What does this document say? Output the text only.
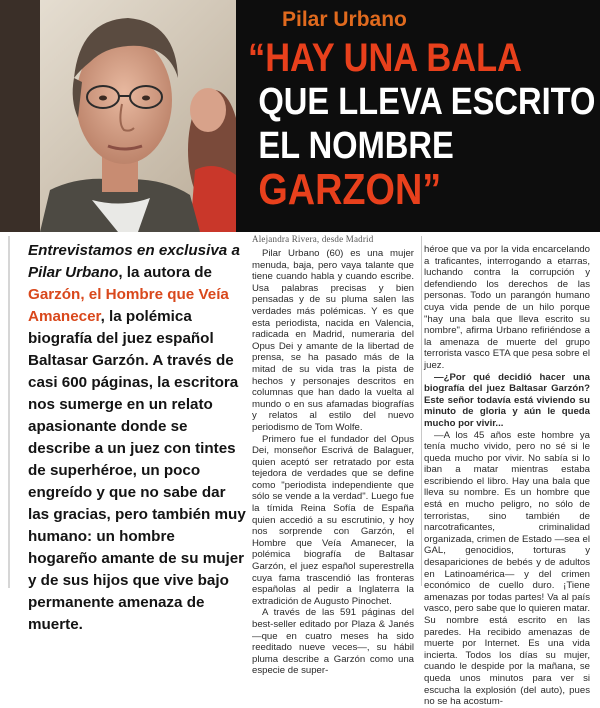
Pilar Urbano
“HAY UNA BALA
QUE LLEVA ESCRITO
EL NOMBRE
GARZON”
Entrevistamos en exclusiva a Pilar Urbano, la autora de Garzón, el Hombre que Veía Amanecer, la polémica biografía del juez español Baltasar Garzón. A través de casi 600 páginas, la escritora nos sumerge en un relato apasionante donde se describe a un juez con tintes de superhéroe, un poco engreído y que no sabe dar las gracias, pero también muy humano: un hombre hogareño amante de su mujer y de sus hijos que vive bajo permanente amenaza de muerte.
Alejandra Rivera, desde Madrid

Pilar Urbano (60) es una mujer menuda, baja, pero vaya talante que tiene cuando habla y cuando escribe. Usa palabras precisas y bien pensadas y de su pluma salen las verdades más polémicas. Y es que esta periodista, nacida en Valencia, radicada en Madrid, numeraria del Opus Dei y amante de la libertad de prensa, se ha pasado más de la mitad de su vida tras la pista de hechos y personajes descritos en columnas que han dado la vuelta al mundo o en sus afamadas biografías y relatos al estilo del nuevo periodismo de Tom Wolfe.

Primero fue el fundador del Opus Dei, monseñor Escrivá de Balaguer, quien aceptó ser retratado por esta tejedora de verdades que se define como "periodista independiente que sólo se vende a la verdad". Luego fue la tímida Reina Sofía de España quien accedió a su escrutinio, y hoy nos sorprende con Garzón, el Hombre que Veía Amanecer, la polémica biografía de Baltasar Garzón, el juez español superestrella cuya fama trascendió las fronteras españolas al pedir a Inglaterra la extradición de Augusto Pinochet.

A través de las 591 páginas del best-seller editado por Plaza & Janés —que en cuatro meses ha sido reeditado nueve veces—, su hábil pluma describe a Garzón como una especie de super-

héroe que va por la vida encarcelando a traficantes, interrogando a etarras, luchando contra la corrupción y defendiendo los derechos de las personas. Todo un parangón humano cuya vida pende de un hilo porque "hay una bala que lleva escrito su nombre", afirma Urbano refiriéndose a la amenaza de muerte del grupo terrorista vasco ETA que pesa sobre el juez.

—¿Por qué decidió hacer una biografía del juez Baltasar Garzón? Este señor todavía está viviendo su minuto de gloria y aún le queda mucho por vivir...

—A los 45 años este hombre ya tenía mucho vivido, pero no sé si le queda mucho por vivir. No sabía si lo iban a matar mientras estaba escribiendo el libro. Hay una bala que lleva su nombre. Es un hombre que está en mucho peligro, no sólo de terroristas, sino también de narcotraficantes, criminalidad organizada, crimen de Estado —sea el GAL, genocidios, torturas y desapariciones de bebés y de adultos en Latinoamérica— y del crimen económico de cuello duro. ¡Tiene amenazas por todas partes! Va al país vasco, pero sabe que lo quieren matar. Su nombre está escrito en las paredes. Ha recibido amenazas de muerte por Internet. Es una vida incierta. Todos los días su mujer, cuando le despide por la mañana, se queda unos minutos para ver si escucha la explosión (del auto), pues no se ha acostum-
